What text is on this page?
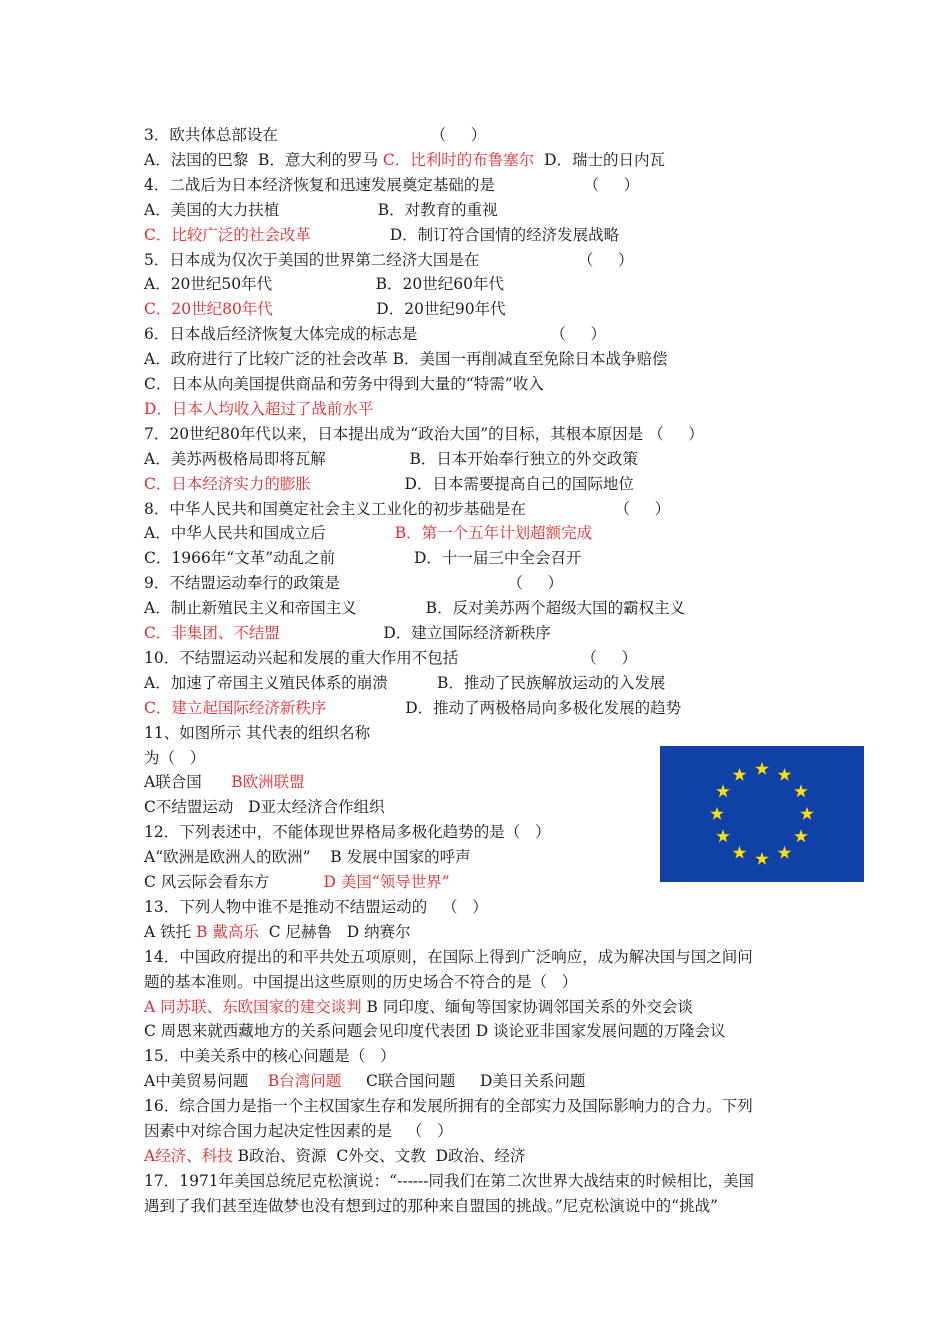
3．欧共体总部设在                               （     ）
A．法国的巴黎  B．意大利的罗马 C．比利时的布鲁塞尔  D．瑞士的日内瓦
4．二战后为日本经济恢复和迅速发展奠定基础的是                  （     ）
A．美国的大力扶植                    B．对教育的重视
C．比较广泛的社会改革                D．制订符合国情的经济发展战略
5．日本成为仅次于美国的世界第二经济大国是在                    （     ）
A．20世纪50年代                     B．20世纪60年代
C．20世纪80年代                     D．20世纪90年代
6．日本战后经济恢复大体完成的标志是                           （     ）
A．政府进行了比较广泛的社会改革 B．美国一再削减直至免除日本战争赔偿
C．日本从向美国提供商品和劳务中得到大量的“特需”收入
D．日本人均收入超过了战前水平
7．20世纪80年代以来，日本提出成为“政治大国”的目标，其根本原因是 （     ）
A．美苏两极格局即将瓦解                 B．日本开始奉行独立的外交政策
C．日本经济实力的膨胀                   D．日本需要提高自己的国际地位
8．中华人民共和国奠定社会主义工业化的初步基础是在                  （     ）
A．中华人民共和国成立后              B．第一个五年计划超额完成
C．1966年“文革”动乱之前                D．十一届三中全会召开
9．不结盟运动奉行的政策是                                  （     ）
A．制止新殖民主义和帝国主义              B．反对美苏两个超级大国的霸权主义
C．非集团、不结盟                     D．建立国际经济新秩序
10．不结盟运动兴起和发展的重大作用不包括                         （     ）
A．加速了帝国主义殖民体系的崩溃          B．推动了民族解放运动的入发展
C．建立起国际经济新秩序                D．推动了两极格局向多极化发展的趋势
11、如图所示 其代表的组织名称
为（   ）
A联合国      B欧洲联盟
C不结盟运动   D亚太经济合作组织
12．下列表述中，不能体现世界格局多极化趋势的是（   ）
A“欧洲是欧洲人的欧洲”    B 发展中国家的呼声
C 风云际会看东方           D 美国“领导世界”
13．下列人物中谁不是推动不结盟运动的   （   ）
A 铁托 B 戴高乐  C 尼赫鲁   D 纳赛尔
14．中国政府提出的和平共处五项原则，在国际上得到广泛响应，成为解决国与国之间问
题的基本准则。中国提出这些原则的历史场合不符合的是（   ）
A 同苏联、东欧国家的建交谈判 B 同印度、缅甸等国家协调邻国关系的外交会谈
C 周恩来就西藏地方的关系问题会见印度代表团 D 谈论亚非国家发展问题的万隆会议
15．中美关系中的核心问题是（   ）
A中美贸易问题    B台湾问题     C联合国问题     D美日关系问题
16．综合国力是指一个主权国家生存和发展所拥有的全部实力及国际影响力的合力。下列
因素中对综合国力起决定性因素的是   （   ）
A经济、科技 B政治、资源  C外交、文教  D政治、经济
17．1971年美国总统尼克松演说：“------同我们在第二次世界大战结束的时候相比，美国
遇到了我们甚至连做梦也没有想到过的那种来自盟国的挑战。”尼克松演说中的“挑战”
